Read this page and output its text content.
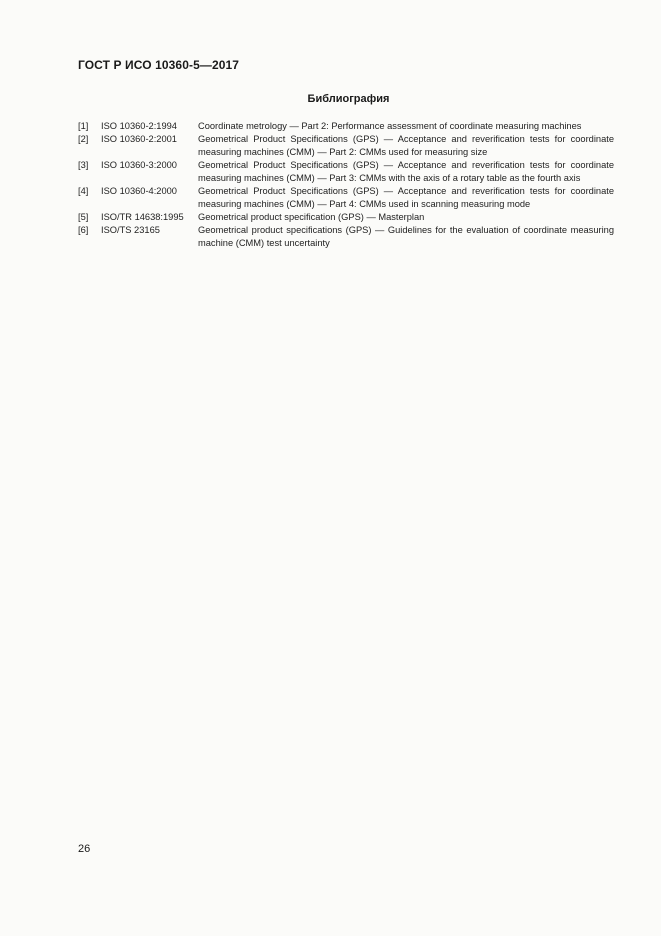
ГОСТ Р ИСО 10360-5—2017
Библиография
[1]	ISO 10360-2:1994	Coordinate metrology — Part 2: Performance assessment of coordinate measuring machines
[2]	ISO 10360-2:2001	Geometrical Product Specifications (GPS) — Acceptance and reverification tests for coordinate measuring machines (CMM) — Part 2: CMMs used for measuring size
[3]	ISO 10360-3:2000	Geometrical Product Specifications (GPS) — Acceptance and reverification tests for coordinate measuring machines (CMM) — Part 3: CMMs with the axis of a rotary table as the fourth axis
[4]	ISO 10360-4:2000	Geometrical Product Specifications (GPS) — Acceptance and reverification tests for coordinate measuring machines (CMM) — Part 4: CMMs used in scanning measuring mode
[5]	ISO/TR 14638:1995	Geometrical product specification (GPS) — Masterplan
[6]	ISO/TS 23165	Geometrical product specifications (GPS) — Guidelines for the evaluation of coordinate measuring machine (CMM) test uncertainty
26
